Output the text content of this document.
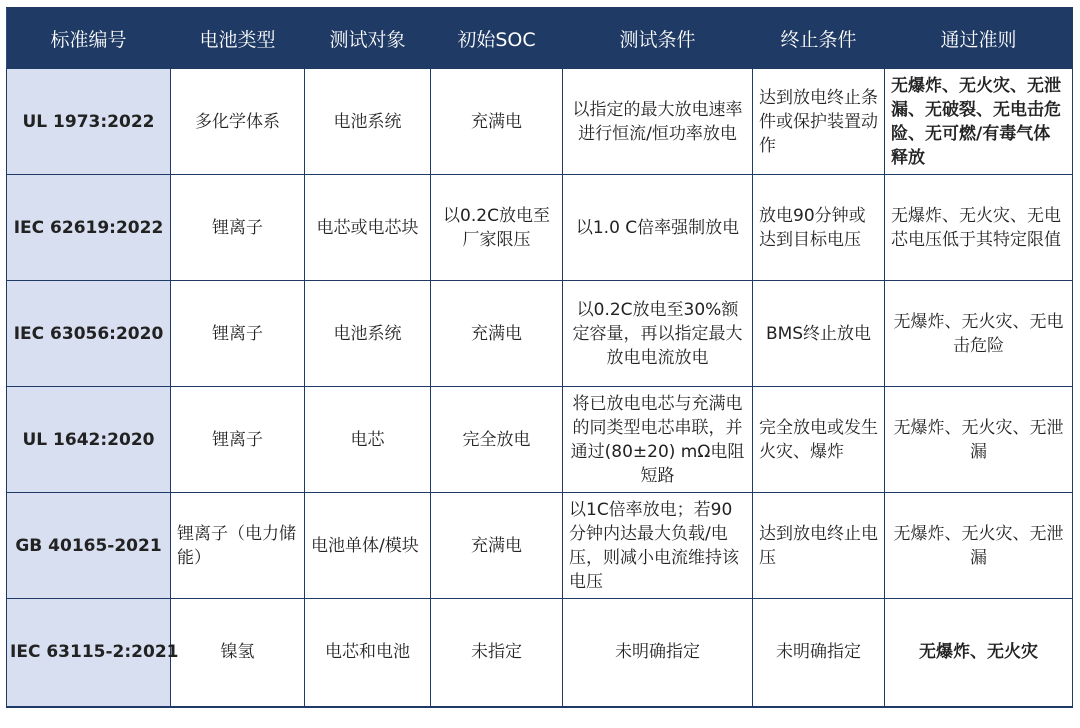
标准编号	电池类型	测试对象	初始SOC	测试条件	终止条件	通过准则
UL 1973:2022	多化学体系	电池系统	充满电	以指定的最大放电速率进行恒流/恒功率放电	达到放电终止条件或保护装置动作	无爆炸、无火灾、无泄漏、无破裂、无电击危险、无可燃/有毒气体释放
IEC 62619:2022	锂离子	电芯或电芯块	以0.2C放电至厂家限压	以1.0 C倍率强制放电	放电90分钟或达到目标电压	无爆炸、无火灾、无电芯电压低于其特定限值
IEC 63056:2020	锂离子	电池系统	充满电	以0.2C放电至30%额定容量，再以指定最大放电电流放电	BMS终止放电	无爆炸、无火灾、无电击危险
UL 1642:2020	锂离子	电芯	完全放电	将已放电电芯与充满电的同类型电芯串联，并通过(80±20) mΩ电阻短路	完全放电或发生火灾、爆炸	无爆炸、无火灾、无泄漏
GB 40165-2021	锂离子（电力储能）	电池单体/模块	充满电	以1C倍率放电；若90分钟内达最大负载/电压，则减小电流维持该电压	达到放电终止电压	无爆炸、无火灾、无泄漏
IEC 63115-2:2021	镍氢	电芯和电池	未指定	未明确指定	未明确指定	无爆炸、无火灾
